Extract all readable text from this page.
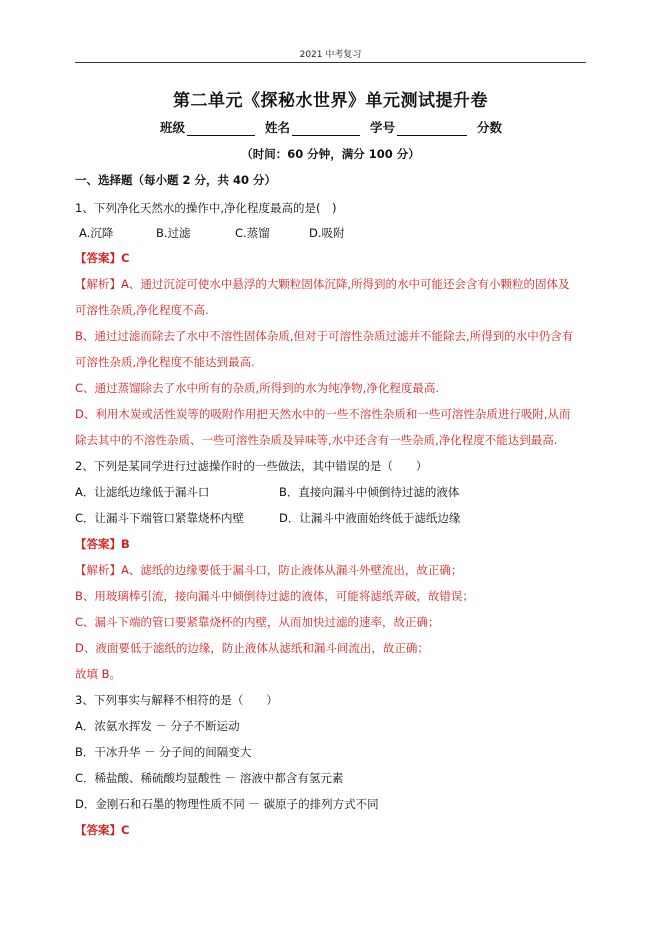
2021 中考复习
第二单元《探秘水世界》单元测试提升卷
班级	姓名	学号	分数
（时间：60 分钟，满分 100 分）
一、选择题（每小题 2 分，共 40 分）
1、下列净化天然水的操作中,净化程度最高的是(　)
A.沉降	B.过滤	C.蒸馏	D.吸附
【答案】C
【解析】A、通过沉淀可使水中悬浮的大颗粒固体沉降,所得到的水中可能还会含有小颗粒的固体及
可溶性杂质,净化程度不高.
B、通过过滤而除去了水中不溶性固体杂质,但对于可溶性杂质过滤并不能除去,所得到的水中仍含有
可溶性杂质,净化程度不能达到最高.
C、通过蒸馏除去了水中所有的杂质,所得到的水为纯净物,净化程度最高.
D、利用木炭或活性炭等的吸附作用把天然水中的一些不溶性杂质和一些可溶性杂质进行吸附,从而
除去其中的不溶性杂质、一些可溶性杂质及异味等,水中还含有一些杂质,净化程度不能达到最高.
2、下列是某同学进行过滤操作时的一些做法，其中错误的是（　　）
A．让滤纸边缘低于漏斗口	B．直接向漏斗中倾倒待过滤的液体
C．让漏斗下端管口紧靠烧杯内壁	D．让漏斗中液面始终低于滤纸边缘
【答案】B
【解析】A、滤纸的边缘要低于漏斗口，防止液体从漏斗外壁流出，故正确；
B、用玻璃棒引流，接向漏斗中倾倒待过滤的液体，可能将滤纸弄破，故错误；
C、漏斗下端的管口要紧靠烧杯的内壁，从而加快过滤的速率，故正确；
D、液面要低于滤纸的边缘，防止液体从滤纸和漏斗间流出，故正确；
故填 B。
3、下列事实与解释不相符的是（　　）
A．浓氨水挥发 － 分子不断运动
B．干冰升华 － 分子间的间隔变大
C．稀盐酸、稀硫酸均显酸性 － 溶液中都含有氢元素
D．金刚石和石墨的物理性质不同 － 碳原子的排列方式不同
【答案】C
